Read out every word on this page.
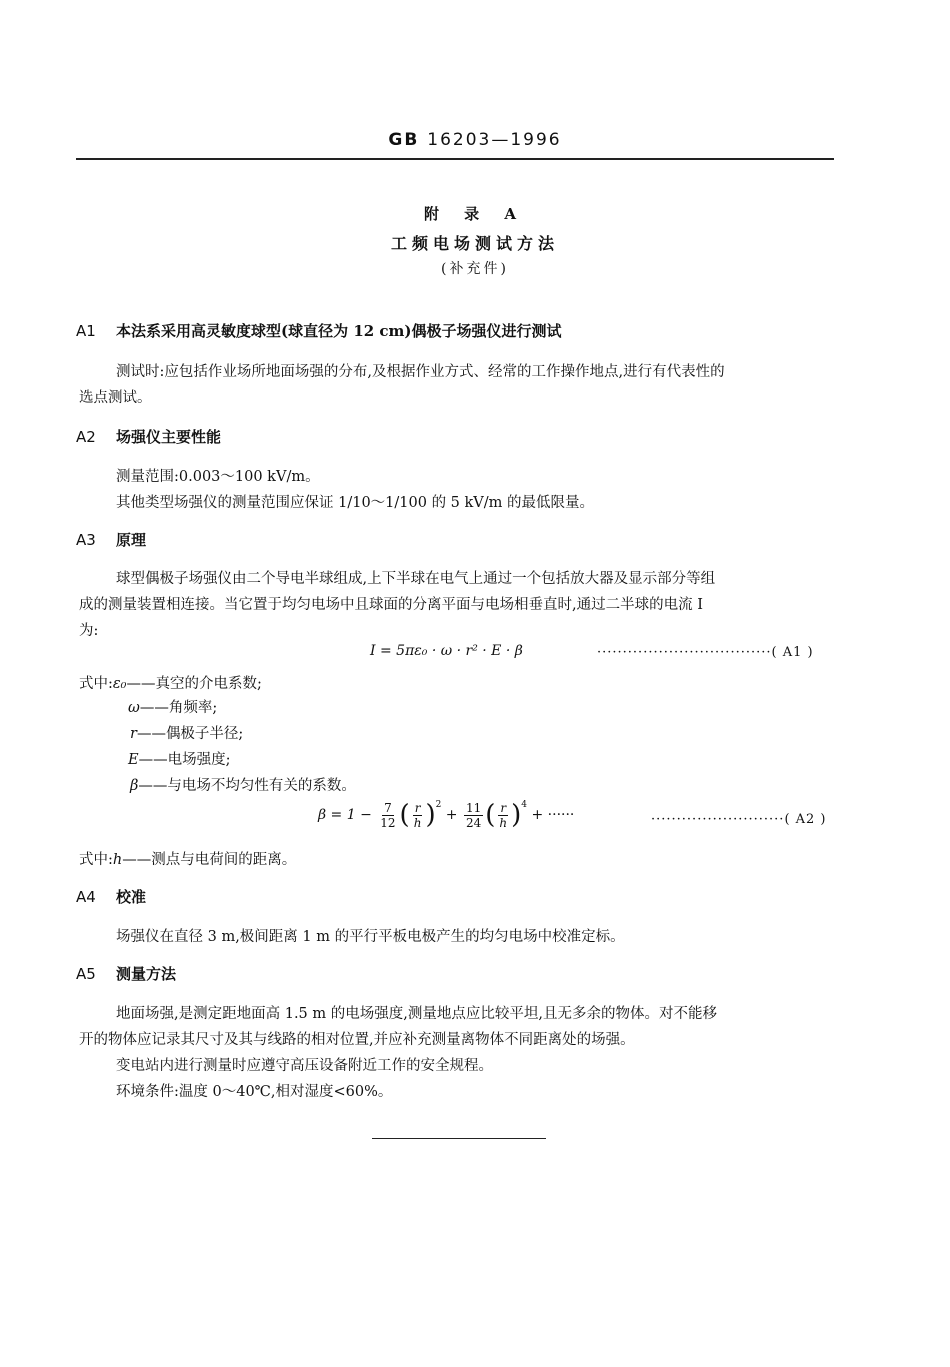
GB 16203—1996
附 录 A
工频电场测试方法
(补充件)
A1 本法系采用高灵敏度球型(球直径为 12 cm)偶极子场强仪进行测试
测试时:应包括作业场所地面场强的分布,及根据作业方式、经常的工作操作地点,进行有代表性的
选点测试。
A2 场强仪主要性能
测量范围:0.003～100 kV/m。
其他类型场强仪的测量范围应保证 1/10～1/100 的 5 kV/m 的最低限量。
A3 原理
球型偶极子场强仪由二个导电半球组成,上下半球在电气上通过一个包括放大器及显示部分等组
成的测量装置相连接。当它置于均匀电场中且球面的分离平面与电场相垂直时,通过二半球的电流 I
为:
I = 5πε₀ · ω · r² · E · β	··································( A1 )
式中:ε₀——真空的介电系数;
ω——角频率;
r——偶极子半径;
E——电场强度;
β——与电场不均匀性有关的系数。
$\beta = 1 - \frac{7}{12}$ ( $\frac{r}{h} )^2 + \frac{11}{24}$ ( $\frac{r}{h} )^4$ + ······	··························( A2 )
式中:h——测点与电荷间的距离。
A4 校准
场强仪在直径 3 m,极间距离 1 m 的平行平板电极产生的均匀电场中校准定标。
A5 测量方法
地面场强,是测定距地面高 1.5 m 的电场强度,测量地点应比较平坦,且无多余的物体。对不能移
开的物体应记录其尺寸及其与线路的相对位置,并应补充测量离物体不同距离处的场强。
变电站内进行测量时应遵守高压设备附近工作的安全规程。
环境条件:温度 0～40℃,相对湿度<60%。
